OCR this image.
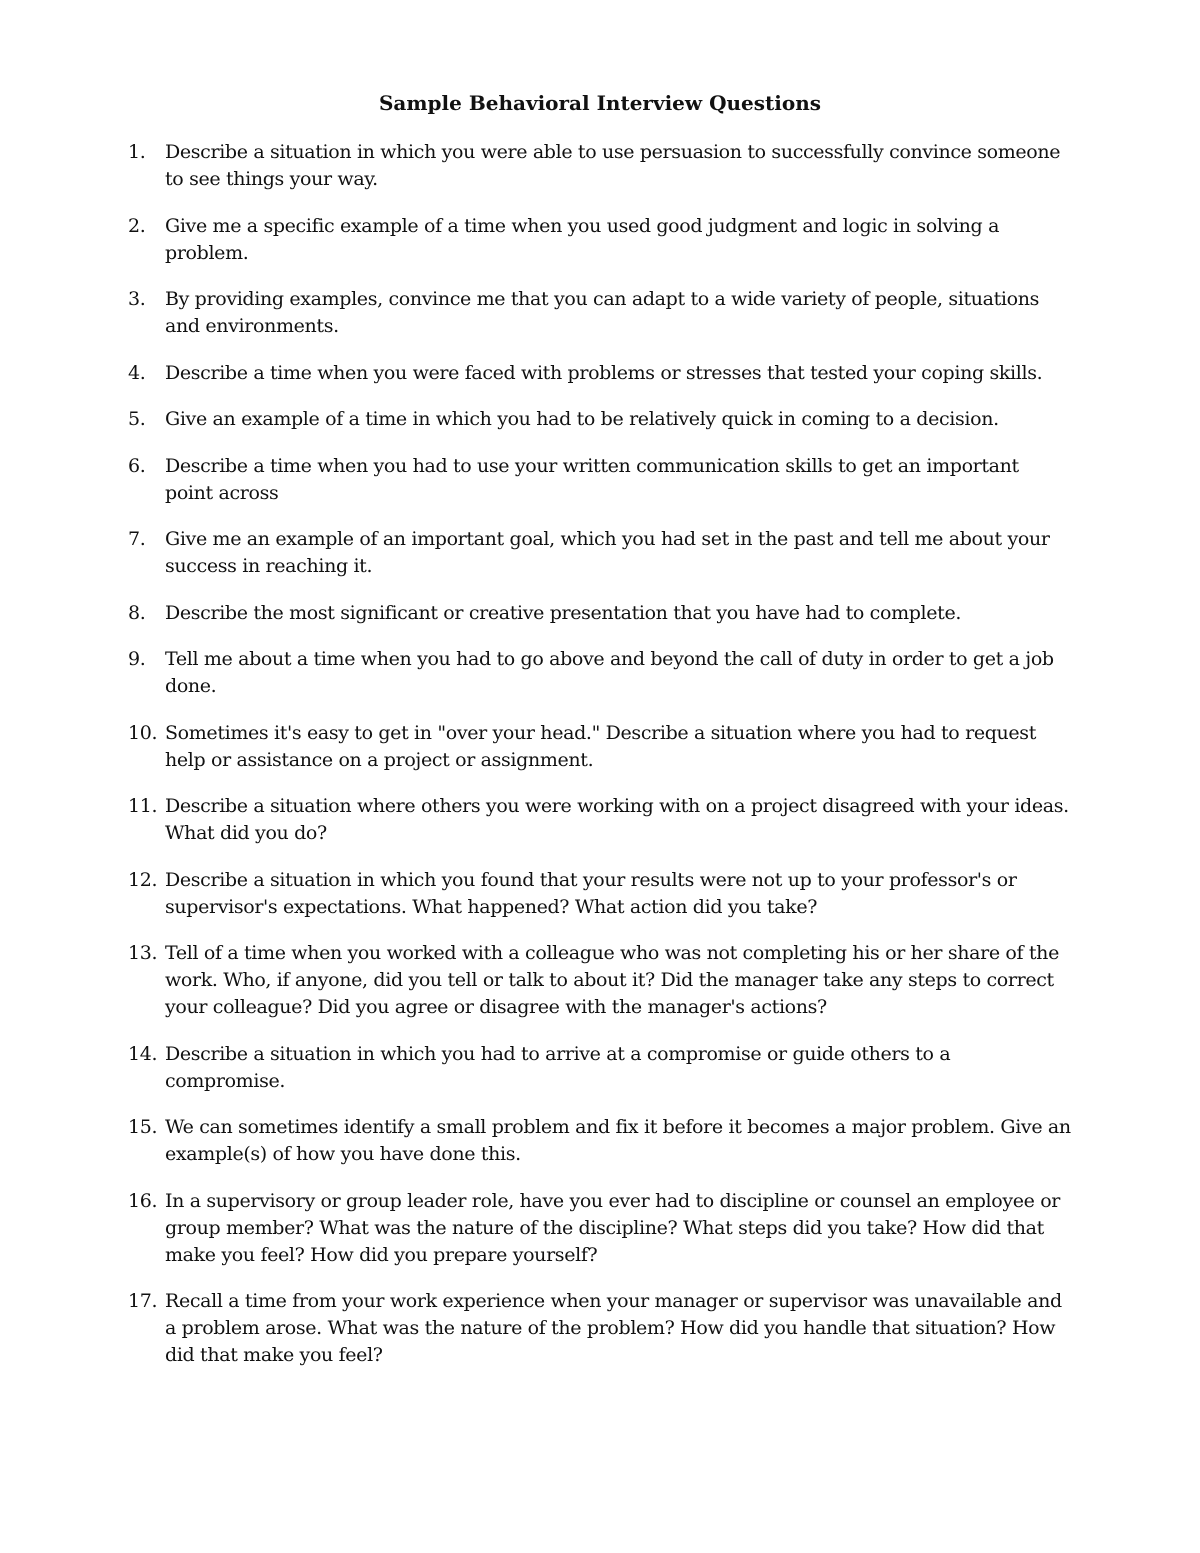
Sample Behavioral Interview Questions
1. Describe a situation in which you were able to use persuasion to successfully convince someone to see things your way.
2. Give me a specific example of a time when you used good judgment and logic in solving a problem.
3. By providing examples, convince me that you can adapt to a wide variety of people, situations and environments.
4. Describe a time when you were faced with problems or stresses that tested your coping skills.
5. Give an example of a time in which you had to be relatively quick in coming to a decision.
6. Describe a time when you had to use your written communication skills to get an important point across
7. Give me an example of an important goal, which you had set in the past and tell me about your success in reaching it.
8. Describe the most significant or creative presentation that you have had to complete.
9. Tell me about a time when you had to go above and beyond the call of duty in order to get a job done.
10. Sometimes it's easy to get in "over your head." Describe a situation where you had to request help or assistance on a project or assignment.
11. Describe a situation where others you were working with on a project disagreed with your ideas. What did you do?
12. Describe a situation in which you found that your results were not up to your professor's or supervisor's expectations. What happened? What action did you take?
13. Tell of a time when you worked with a colleague who was not completing his or her share of the work. Who, if anyone, did you tell or talk to about it? Did the manager take any steps to correct your colleague? Did you agree or disagree with the manager's actions?
14. Describe a situation in which you had to arrive at a compromise or guide others to a compromise.
15. We can sometimes identify a small problem and fix it before it becomes a major problem. Give an example(s) of how you have done this.
16. In a supervisory or group leader role, have you ever had to discipline or counsel an employee or group member? What was the nature of the discipline? What steps did you take? How did that make you feel? How did you prepare yourself?
17. Recall a time from your work experience when your manager or supervisor was unavailable and a problem arose. What was the nature of the problem? How did you handle that situation? How did that make you feel?
